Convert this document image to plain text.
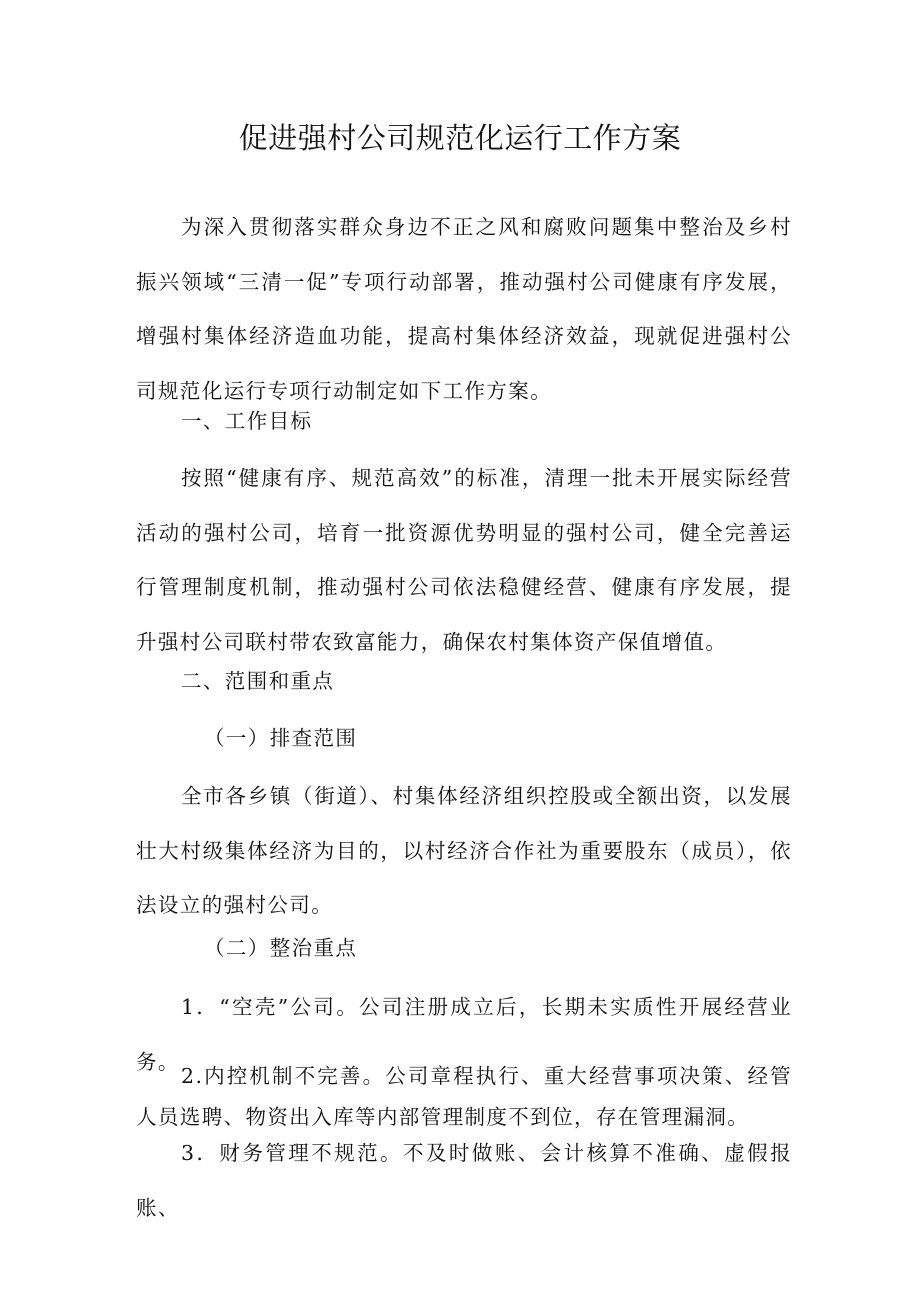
促进强村公司规范化运行工作方案
为深入贯彻落实群众身边不正之风和腐败问题集中整治及乡村振兴领域“三清一促”专项行动部署，推动强村公司健康有序发展，增强村集体经济造血功能，提高村集体经济效益，现就促进强村公司规范化运行专项行动制定如下工作方案。
一、工作目标
按照“健康有序、规范高效”的标准，清理一批未开展实际经营活动的强村公司，培育一批资源优势明显的强村公司，健全完善运行管理制度机制，推动强村公司依法稳健经营、健康有序发展，提升强村公司联村带农致富能力，确保农村集体资产保值增值。
二、范围和重点
（一）排查范围
全市各乡镇（街道）、村集体经济组织控股或全额出资，以发展壮大村级集体经济为目的，以村经济合作社为重要股东（成员），依法设立的强村公司。
（二）整治重点
1．“空壳”公司。公司注册成立后，长期未实质性开展经营业务。
2.内控机制不完善。公司章程执行、重大经营事项决策、经管人员选聘、物资出入库等内部管理制度不到位，存在管理漏洞。
3．财务管理不规范。不及时做账、会计核算不准确、虚假报账、
